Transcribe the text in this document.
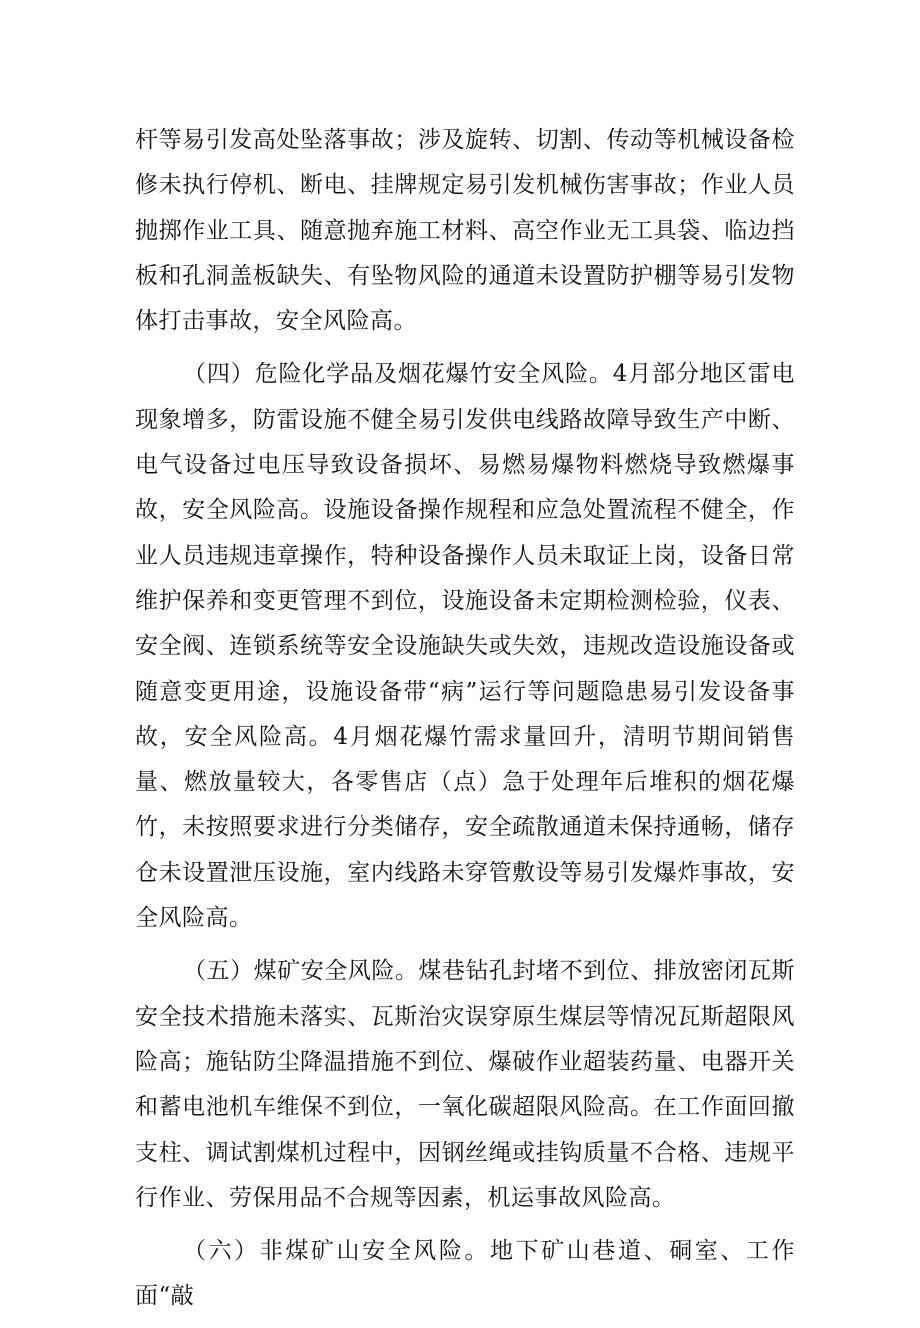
杆等易引发高处坠落事故；涉及旋转、切割、传动等机械设备检修未执行停机、断电、挂牌规定易引发机械伤害事故；作业人员抛掷作业工具、随意抛弃施工材料、高空作业无工具袋、临边挡板和孔洞盖板缺失、有坠物风险的通道未设置防护棚等易引发物体打击事故，安全风险高。

（四）危险化学品及烟花爆竹安全风险。4月部分地区雷电现象增多，防雷设施不健全易引发供电线路故障导致生产中断、电气设备过电压导致设备损坏、易燃易爆物料燃烧导致燃爆事故，安全风险高。设施设备操作规程和应急处置流程不健全，作业人员违规违章操作，特种设备操作人员未取证上岗，设备日常维护保养和变更管理不到位，设施设备未定期检测检验，仪表、安全阀、连锁系统等安全设施缺失或失效，违规改造设施设备或随意变更用途，设施设备带“病”运行等问题隐患易引发设备事故，安全风险高。4月烟花爆竹需求量回升，清明节期间销售量、燃放量较大，各零售店（点）急于处理年后堆积的烟花爆竹，未按照要求进行分类储存，安全疏散通道未保持通畅，储存仓未设置泄压设施，室内线路未穿管敷设等易引发爆炸事故，安全风险高。

（五）煤矿安全风险。煤巷钻孔封堵不到位、排放密闭瓦斯安全技术措施未落实、瓦斯治灾误穿原生煤层等情况瓦斯超限风险高；施钻防尘降温措施不到位、爆破作业超装药量、电器开关和蓄电池机车维保不到位，一氧化碳超限风险高。在工作面回撤支柱、调试割煤机过程中，因钢丝绳或挂钩质量不合格、违规平行作业、劳保用品不合规等因素，机运事故风险高。

（六）非煤矿山安全风险。地下矿山巷道、硐室、工作面“敲
